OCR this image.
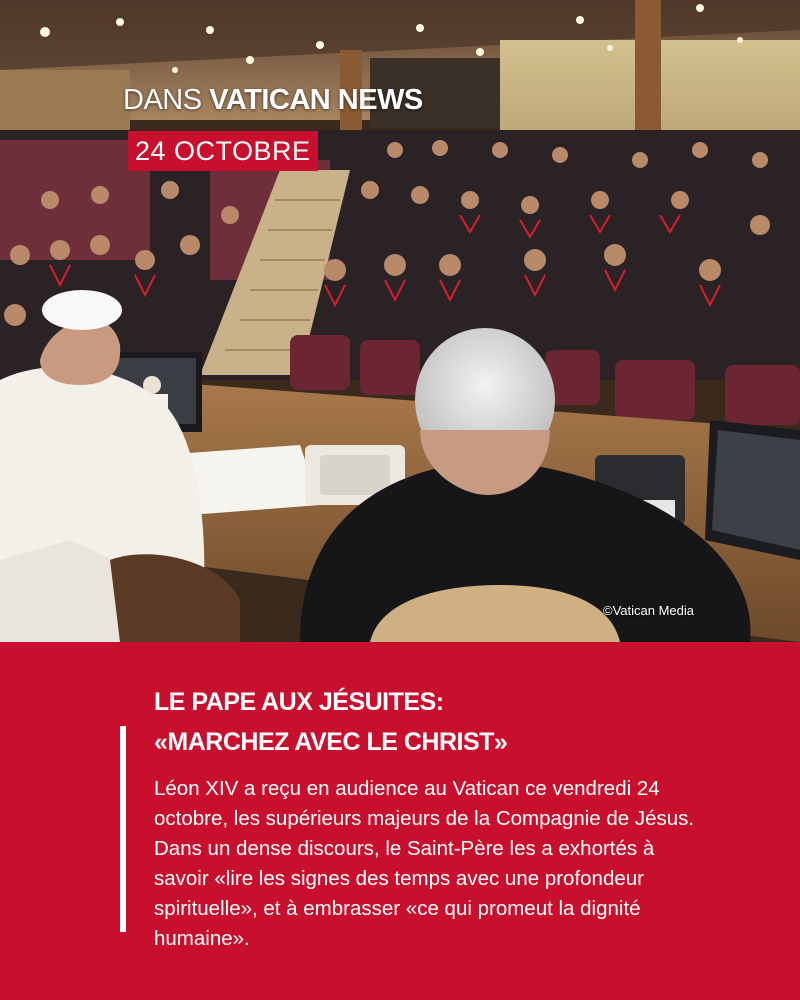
DANS VATICAN NEWS

24 OCTOBRE
©Vatican Media
LE PAPE AUX JÉSUITES:
«MARCHEZ AVEC LE CHRIST»

Léon XIV a reçu en audience au Vatican ce vendredi 24 octobre, les supérieurs majeurs de la Compagnie de Jésus. Dans un dense discours, le Saint-Père les a exhortés à savoir «lire les signes des temps avec une profondeur spirituelle», et à embrasser «ce qui promeut la dignité humaine».
